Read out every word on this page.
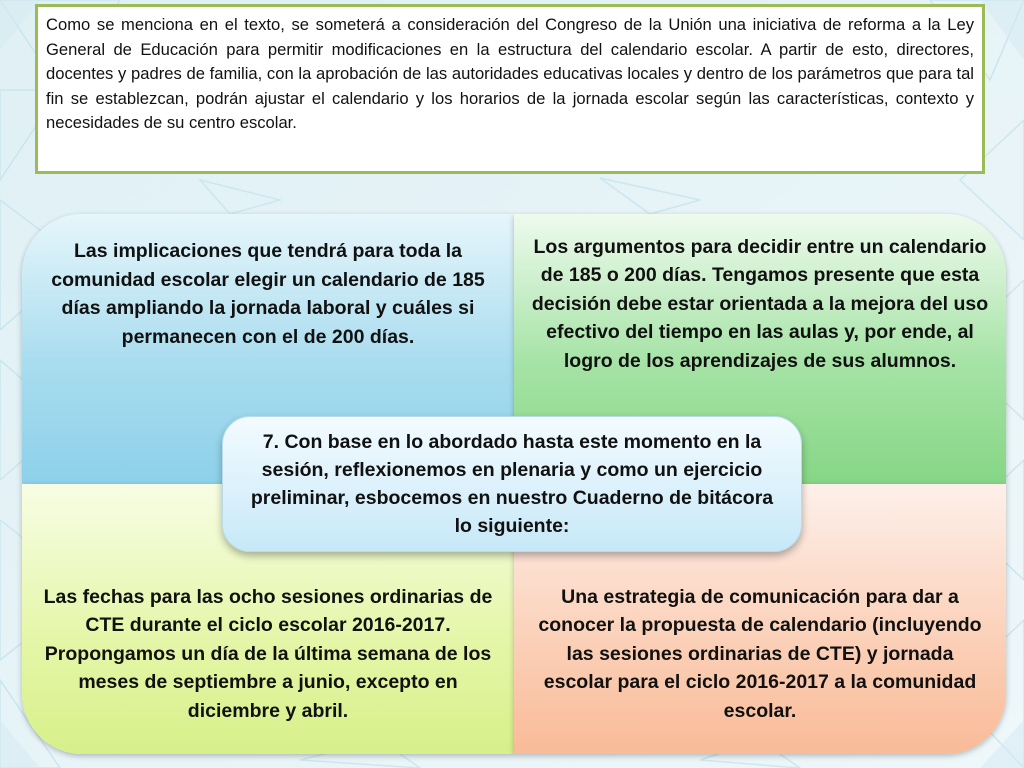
Como se menciona en el texto, se someterá a consideración del Congreso de la Unión una iniciativa de reforma a la Ley General de Educación para permitir modificaciones en la estructura del calendario escolar. A partir de esto, directores, docentes y padres de familia, con la aprobación de las autoridades educativas locales y dentro de los parámetros que para tal fin se establezcan, podrán ajustar el calendario y los horarios de la jornada escolar según las características, contexto y necesidades de su centro escolar.

Las implicaciones que tendrá para toda la comunidad escolar elegir un calendario de 185 días ampliando la jornada laboral y cuáles si permanecen con el de 200 días.
Los argumentos para decidir entre un calendario de 185 o 200 días. Tengamos presente que esta decisión debe estar orientada a la mejora del uso efectivo del tiempo en las aulas y, por ende, al logro de los aprendizajes de sus alumnos.
Las fechas para las ocho sesiones ordinarias de CTE durante el ciclo escolar 2016-2017. Propongamos un día de la última semana de los meses de septiembre a junio, excepto en diciembre y abril.
Una estrategia de comunicación para dar a conocer la propuesta de calendario (incluyendo las sesiones ordinarias de CTE) y jornada escolar para el ciclo 2016-2017 a la comunidad escolar.
7. Con base en lo abordado hasta este momento en la sesión, reflexionemos en plenaria y como un ejercicio preliminar, esbocemos en nuestro Cuaderno de bitácora lo siguiente:
